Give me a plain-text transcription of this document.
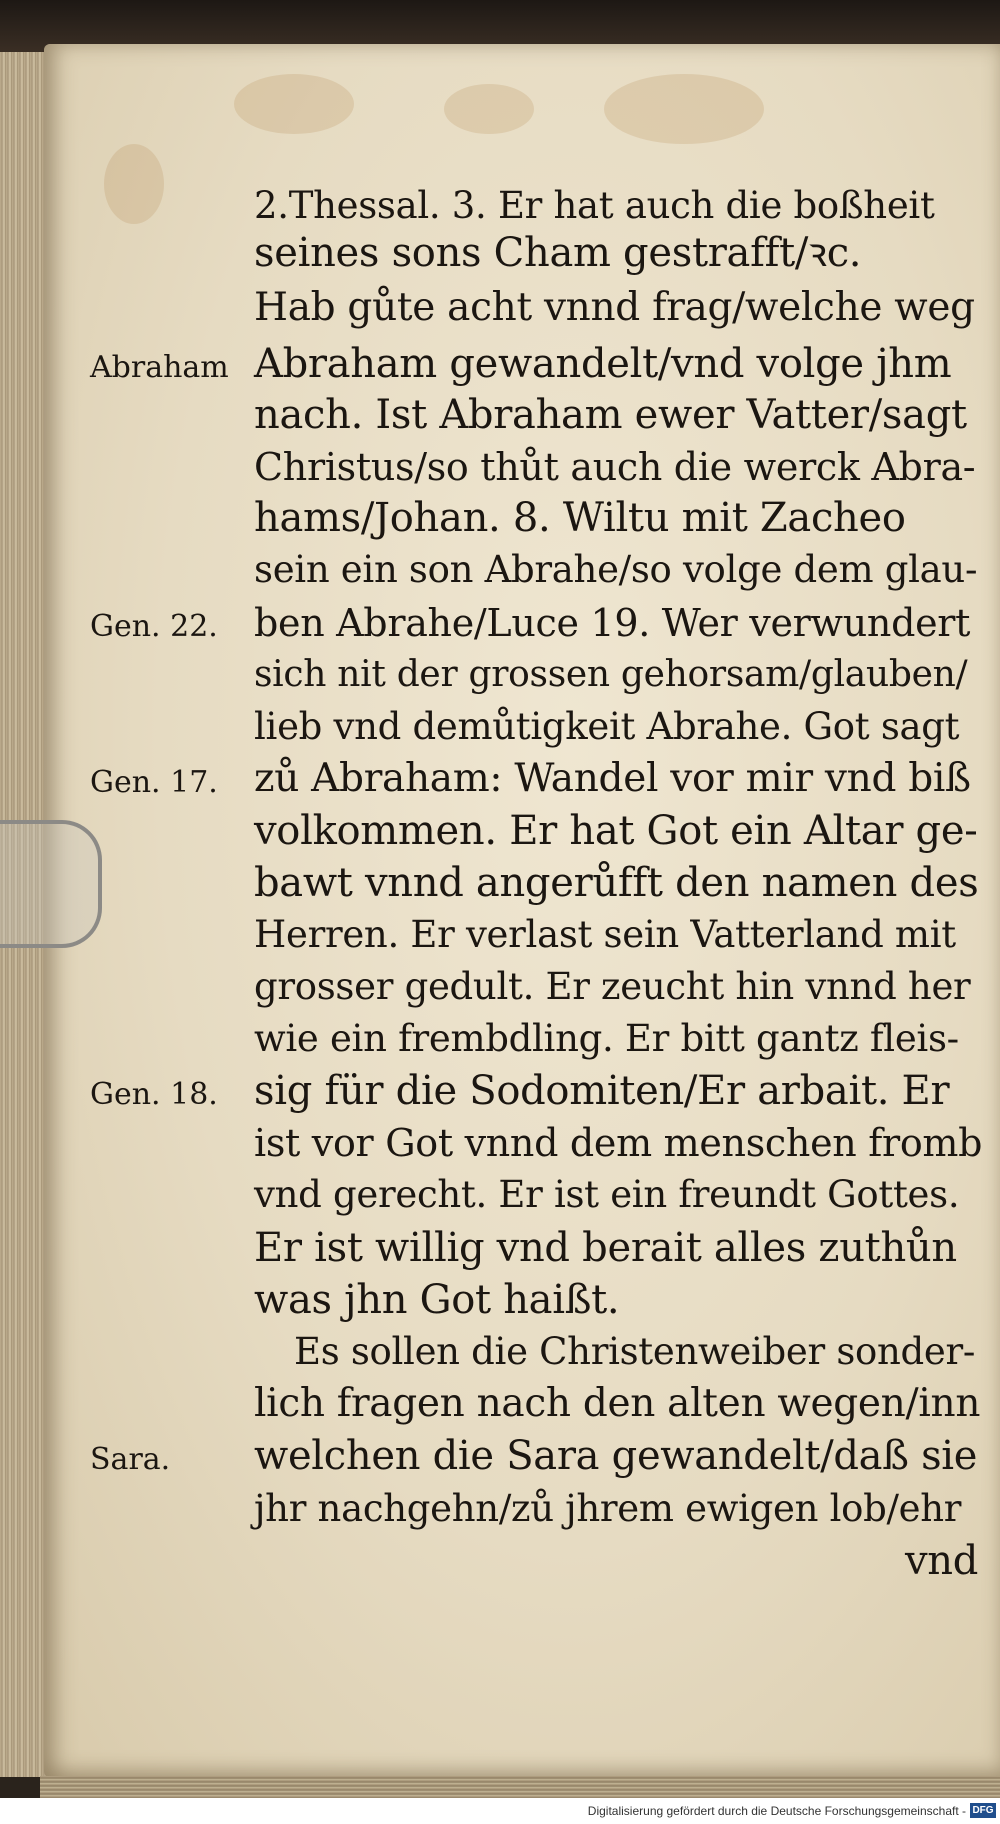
2.Thessal. 3. Er hat auch die boßheit
seines sons Cham gestrafft/ꝛc.
Hab gůte acht vnnd frag/welche weg
Abraham gewandelt/vnd volge jhm
nach. Ist Abraham ewer Vatter/sagt
Christus/so thůt auch die werck Abra-
hams/Johan. 8. Wiltu mit Zacheo
sein ein son Abrahe/so volge dem glau-
ben Abrahe/Luce 19. Wer verwundert
sich nit der grossen gehorsam/glauben/
lieb vnd demůtigkeit Abrahe. Got sagt
zů Abraham: Wandel vor mir vnd biß
volkommen. Er hat Got ein Altar ge-
bawt vnnd angerůfft den namen des
Herren. Er verlast sein Vatterland mit
grosser gedult. Er zeucht hin vnnd her
wie ein frembdling. Er bitt gantz fleis-
sig für die Sodomiten/Er arbait. Er
ist vor Got vnnd dem menschen fromb
vnd gerecht. Er ist ein freundt Gottes.
Er ist willig vnd berait alles zuthůn
was jhn Got haißt.
Es sollen die Christenweiber sonder-
lich fragen nach den alten wegen/inn
welchen die Sara gewandelt/daß sie
jhr nachgehn/zů jhrem ewigen lob/ehr
vnd
Abraham
Gen. 22.
Gen. 17.
Gen. 18.
Sara.
Digitalisierung gefördert durch die Deutsche Forschungsgemeinschaft - DFG
